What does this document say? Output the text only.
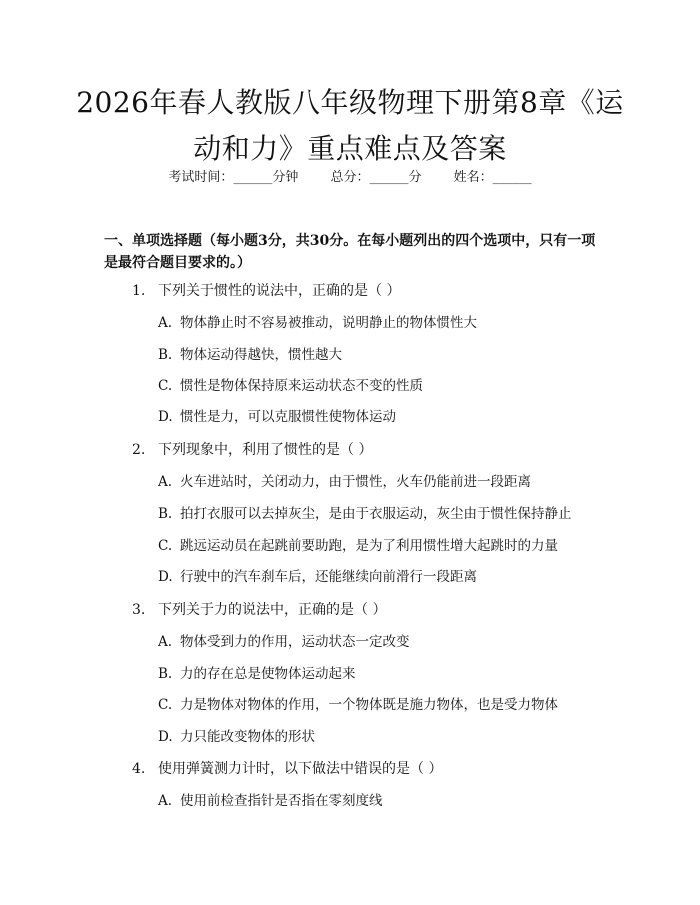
2026年春人教版八年级物理下册第8章《运
动和力》重点难点及答案
考试时间：______分钟 总分：______分 姓名：______
一、单项选择题（每小题3分，共30分。在每小题列出的四个选项中，只有一项
是最符合题目要求的。）
1. 下列关于惯性的说法中，正确的是（ ）
A. 物体静止时不容易被推动，说明静止的物体惯性大
B. 物体运动得越快，惯性越大
C. 惯性是物体保持原来运动状态不变的性质
D. 惯性是力，可以克服惯性使物体运动
2. 下列现象中，利用了惯性的是（ ）
A. 火车进站时，关闭动力，由于惯性，火车仍能前进一段距离
B. 拍打衣服可以去掉灰尘，是由于衣服运动，灰尘由于惯性保持静止
C. 跳远运动员在起跳前要助跑，是为了利用惯性增大起跳时的力量
D. 行驶中的汽车刹车后，还能继续向前滑行一段距离
3. 下列关于力的说法中，正确的是（ ）
A. 物体受到力的作用，运动状态一定改变
B. 力的存在总是使物体运动起来
C. 力是物体对物体的作用，一个物体既是施力物体，也是受力物体
D. 力只能改变物体的形状
4. 使用弹簧测力计时，以下做法中错误的是（ ）
A. 使用前检查指针是否指在零刻度线
